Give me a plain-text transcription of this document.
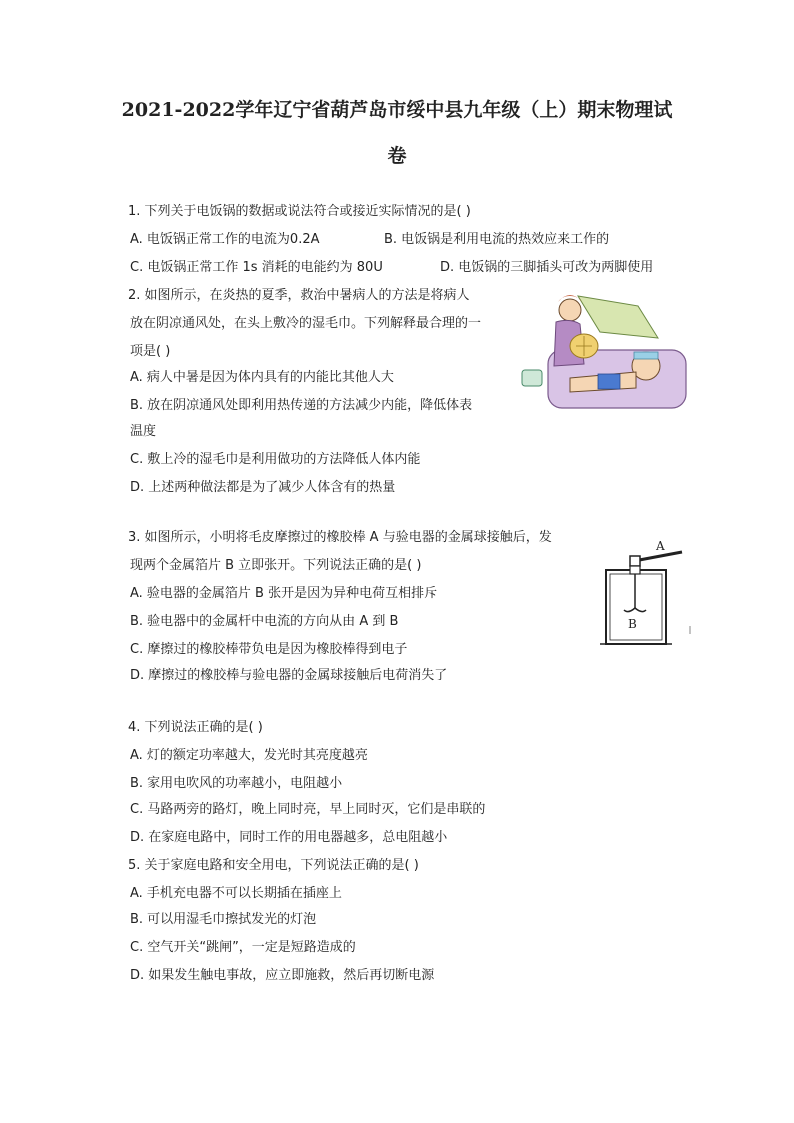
2021-2022学年辽宁省葫芦岛市绥中县九年级（上）期末物理试
卷
1. 下列关于电饭锅的数据或说法符合或接近实际情况的是( )
A. 电饭锅正常工作的电流为0.2A	B. 电饭锅是利用电流的热效应来工作的
C. 电饭锅正常工作 1s 消耗的电能约为 80U	D. 电饭锅的三脚插头可改为两脚使用
2. 如图所示，在炎热的夏季，救治中暑病人的方法是将病人
放在阴凉通风处，在头上敷冷的湿毛巾。下列解释最合理的一
项是( )
A. 病人中暑是因为体内具有的内能比其他人大
B. 放在阴凉通风处即利用热传递的方法减少内能，降低体表
温度
C. 敷上冷的湿毛巾是利用做功的方法降低人体内能
D. 上述两种做法都是为了减少人体含有的热量
3. 如图所示，小明将毛皮摩擦过的橡胶棒 A 与验电器的金属球接触后，发
现两个金属箔片 B 立即张开。下列说法正确的是( )
A. 验电器的金属箔片 B 张开是因为异种电荷互相排斥
B. 验电器中的金属杆中电流的方向从由 A 到 B
C. 摩擦过的橡胶棒带负电是因为橡胶棒得到电子
D. 摩擦过的橡胶棒与验电器的金属球接触后电荷消失了
A
B
4. 下列说法正确的是( )
A. 灯的额定功率越大，发光时其亮度越亮
B. 家用电吹风的功率越小，电阻越小
C. 马路两旁的路灯，晚上同时亮，早上同时灭，它们是串联的
D. 在家庭电路中，同时工作的用电器越多，总电阻越小
5. 关于家庭电路和安全用电，下列说法正确的是( )
A. 手机充电器不可以长期插在插座上
B. 可以用湿毛巾擦拭发光的灯泡
C. 空气开关“跳闸”，一定是短路造成的
D. 如果发生触电事故，应立即施救，然后再切断电源
